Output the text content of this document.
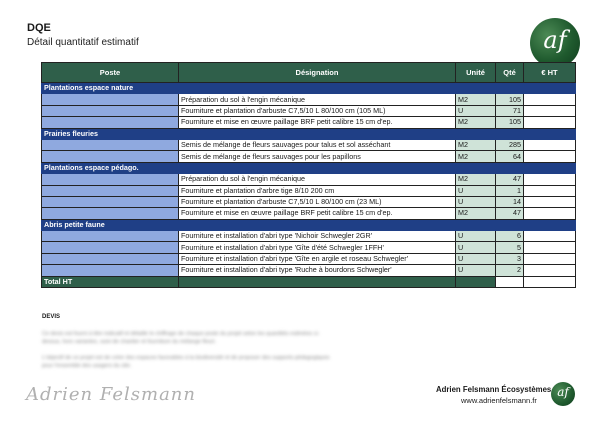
DQE
Détail quantitatif estimatif	af
Poste	Désignation	Unité	Qté	€ HT
Plantations espace nature				
	Préparation du sol à l'engin mécanique	M2	105	
	Fourniture et plantation d'arbuste C7,5/10 L 80/100 cm (105 ML)	U	71	
	Fourniture et mise en œuvre paillage BRF petit calibre 15 cm d'ep.	M2	105	
Prairies fleuries				
	Semis de mélange de fleurs sauvages pour talus et sol asséchant	M2	285	
	Semis de mélange de fleurs sauvages pour les papillons	M2	64	
Plantations espace pédago.				
	Préparation du sol à l'engin mécanique	M2	47	
	Fourniture et plantation d'arbre tige 8/10 200 cm	U	1	
	Fourniture et plantation d'arbuste C7,5/10 L 80/100 cm (23 ML)	U	14	
	Fourniture et mise en œuvre paillage BRF petit calibre 15 cm d'ep.	M2	47	
Abris petite faune				
	Fourniture et installation d'abri type 'Nichoir Schwegler 2GR'	U	6	
	Fourniture et installation d'abri type 'Gîte d'été Schwegler 1FFH'	U	5	
	Fourniture et installation d'abri type 'Gîte en argile et roseau Schwegler'	U	3	
	Fourniture et installation d'abri type 'Ruche à bourdons Schwegler'	U	2	
Total HT				
DEVIS

Ce devis est fourni à titre indicatif et détaille le chiffrage de chaque poste du projet selon les quantités estimées ci-dessus, hors variantes, suivi de chantier et fourniture du mélange fleuri.

L'objectif de ce projet est de créer des espaces favorables à la biodiversité et de proposer des supports pédagogiques pour l'ensemble des usagers du site.

Adrien Felsmann	Adrien Felsmann Écosystèmes
www.adrienfelsmann.fr
af
